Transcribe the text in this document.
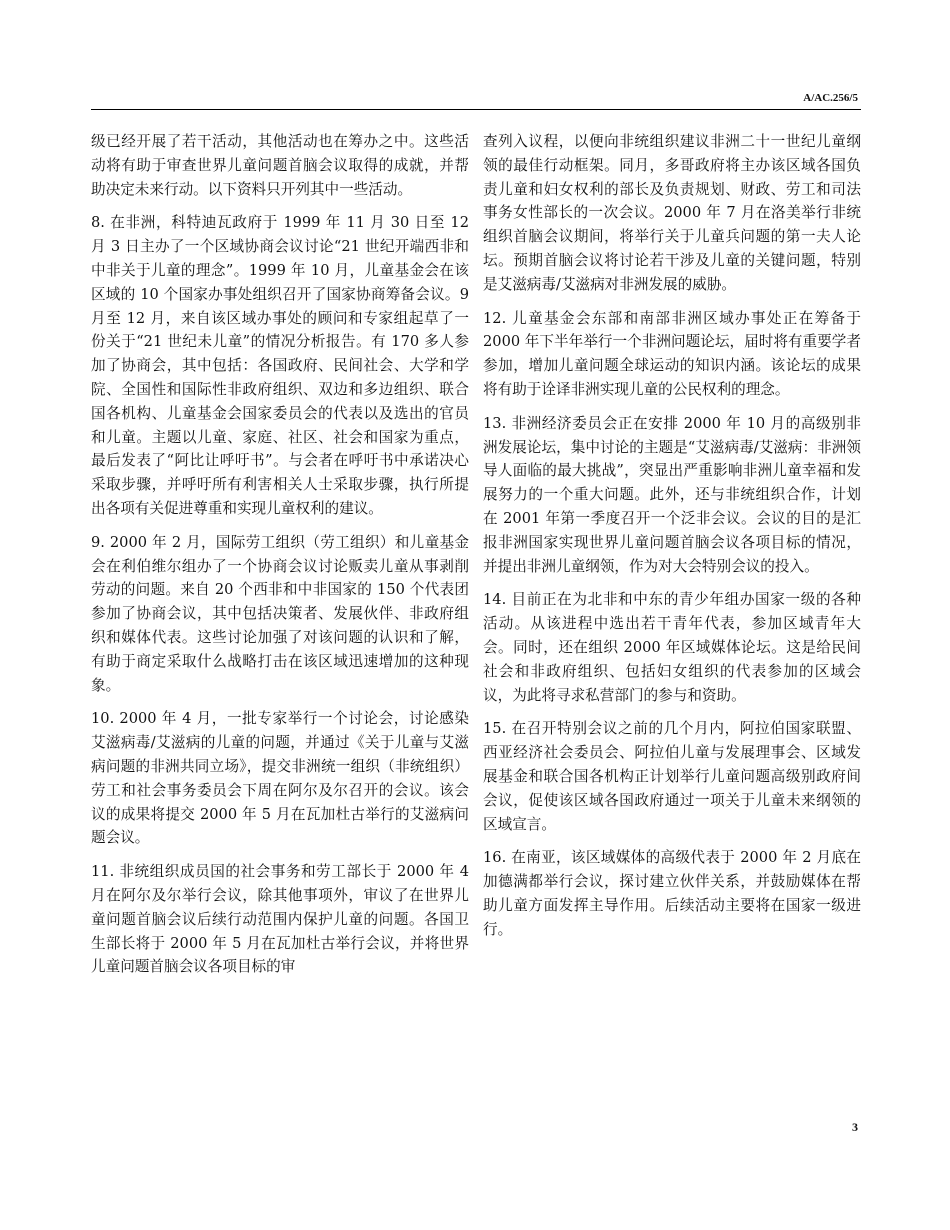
A/AC.256/5

级已经开展了若干活动，其他活动也在筹办之中。这些活动将有助于审查世界儿童问题首脑会议取得的成就，并帮助决定未来行动。以下资料只开列其中一些活动。

8. 在非洲，科特迪瓦政府于 1999 年 11 月 30 日至 12 月 3 日主办了一个区域协商会议讨论“21 世纪开端西非和中非关于儿童的理念”。1999 年 10 月，儿童基金会在该区域的 10 个国家办事处组织召开了国家协商筹备会议。9 月至 12 月，来自该区域办事处的顾问和专家组起草了一份关于“21 世纪未儿童”的情况分析报告。有 170 多人参加了协商会，其中包括：各国政府、民间社会、大学和学院、全国性和国际性非政府组织、双边和多边组织、联合国各机构、儿童基金会国家委员会的代表以及选出的官员和儿童。主题以儿童、家庭、社区、社会和国家为重点，最后发表了“阿比让呼吁书”。与会者在呼吁书中承诺决心采取步骤，并呼吁所有利害相关人士采取步骤，执行所提出各项有关促进尊重和实现儿童权利的建议。

9. 2000 年 2 月，国际劳工组织（劳工组织）和儿童基金会在利伯维尔组办了一个协商会议讨论贩卖儿童从事剥削劳动的问题。来自 20 个西非和中非国家的 150 个代表团参加了协商会议，其中包括决策者、发展伙伴、非政府组织和媒体代表。这些讨论加强了对该问题的认识和了解，有助于商定采取什么战略打击在该区域迅速增加的这种现象。

10. 2000 年 4 月，一批专家举行一个讨论会，讨论感染艾滋病毒/艾滋病的儿童的问题，并通过《关于儿童与艾滋病问题的非洲共同立场》，提交非洲统一组织（非统组织）劳工和社会事务委员会下周在阿尔及尔召开的会议。该会议的成果将提交 2000 年 5 月在瓦加杜古举行的艾滋病问题会议。

11. 非统组织成员国的社会事务和劳工部长于 2000 年 4 月在阿尔及尔举行会议，除其他事项外，审议了在世界儿童问题首脑会议后续行动范围内保护儿童的问题。各国卫生部长将于 2000 年 5 月在瓦加杜古举行会议，并将世界儿童问题首脑会议各项目标的审

查列入议程，以便向非统组织建议非洲二十一世纪儿童纲领的最佳行动框架。同月，多哥政府将主办该区域各国负责儿童和妇女权利的部长及负责规划、财政、劳工和司法事务女性部长的一次会议。2000 年 7 月在洛美举行非统组织首脑会议期间，将举行关于儿童兵问题的第一夫人论坛。预期首脑会议将讨论若干涉及儿童的关键问题，特别是艾滋病毒/艾滋病对非洲发展的威胁。

12. 儿童基金会东部和南部非洲区域办事处正在筹备于 2000 年下半年举行一个非洲问题论坛，届时将有重要学者参加，增加儿童问题全球运动的知识内涵。该论坛的成果将有助于诠译非洲实现儿童的公民权利的理念。

13. 非洲经济委员会正在安排 2000 年 10 月的高级别非洲发展论坛，集中讨论的主题是“艾滋病毒/艾滋病：非洲领导人面临的最大挑战”，突显出严重影响非洲儿童幸福和发展努力的一个重大问题。此外，还与非统组织合作，计划在 2001 年第一季度召开一个泛非会议。会议的目的是汇报非洲国家实现世界儿童问题首脑会议各项目标的情况，并提出非洲儿童纲领，作为对大会特别会议的投入。

14. 目前正在为北非和中东的青少年组办国家一级的各种活动。从该进程中选出若干青年代表，参加区域青年大会。同时，还在组织 2000 年区域媒体论坛。这是给民间社会和非政府组织、包括妇女组织的代表参加的区域会议，为此将寻求私营部门的参与和资助。

15. 在召开特别会议之前的几个月内，阿拉伯国家联盟、西亚经济社会委员会、阿拉伯儿童与发展理事会、区域发展基金和联合国各机构正计划举行儿童问题高级别政府间会议，促使该区域各国政府通过一项关于儿童未来纲领的区域宣言。

16. 在南亚，该区域媒体的高级代表于 2000 年 2 月底在加德满都举行会议，探讨建立伙伴关系，并鼓励媒体在帮助儿童方面发挥主导作用。后续活动主要将在国家一级进行。

3
